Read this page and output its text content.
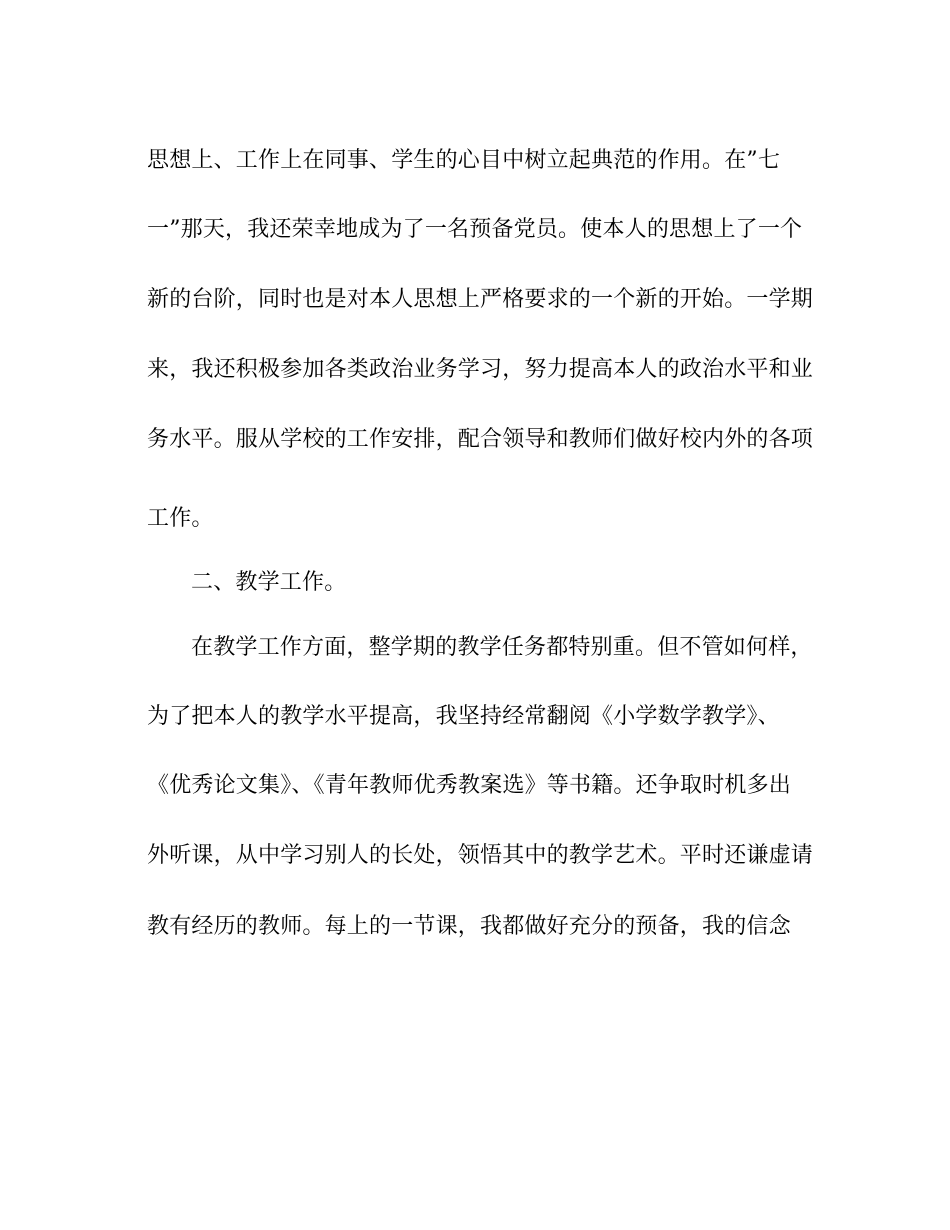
思想上、工作上在同事、学生的心目中树立起典范的作用。在”七
一”那天，我还荣幸地成为了一名预备党员。使本人的思想上了一个
新的台阶，同时也是对本人思想上严格要求的一个新的开始。一学期
来，我还积极参加各类政治业务学习，努力提高本人的政治水平和业
务水平。服从学校的工作安排，配合领导和教师们做好校内外的各项
工作。
二、教学工作。
在教学工作方面，整学期的教学任务都特别重。但不管如何样，
为了把本人的教学水平提高，我坚持经常翻阅《小学数学教学》、
《优秀论文集》、《青年教师优秀教案选》等书籍。还争取时机多出
外听课，从中学习别人的长处，领悟其中的教学艺术。平时还谦虚请
教有经历的教师。每上的一节课，我都做好充分的预备，我的信念
